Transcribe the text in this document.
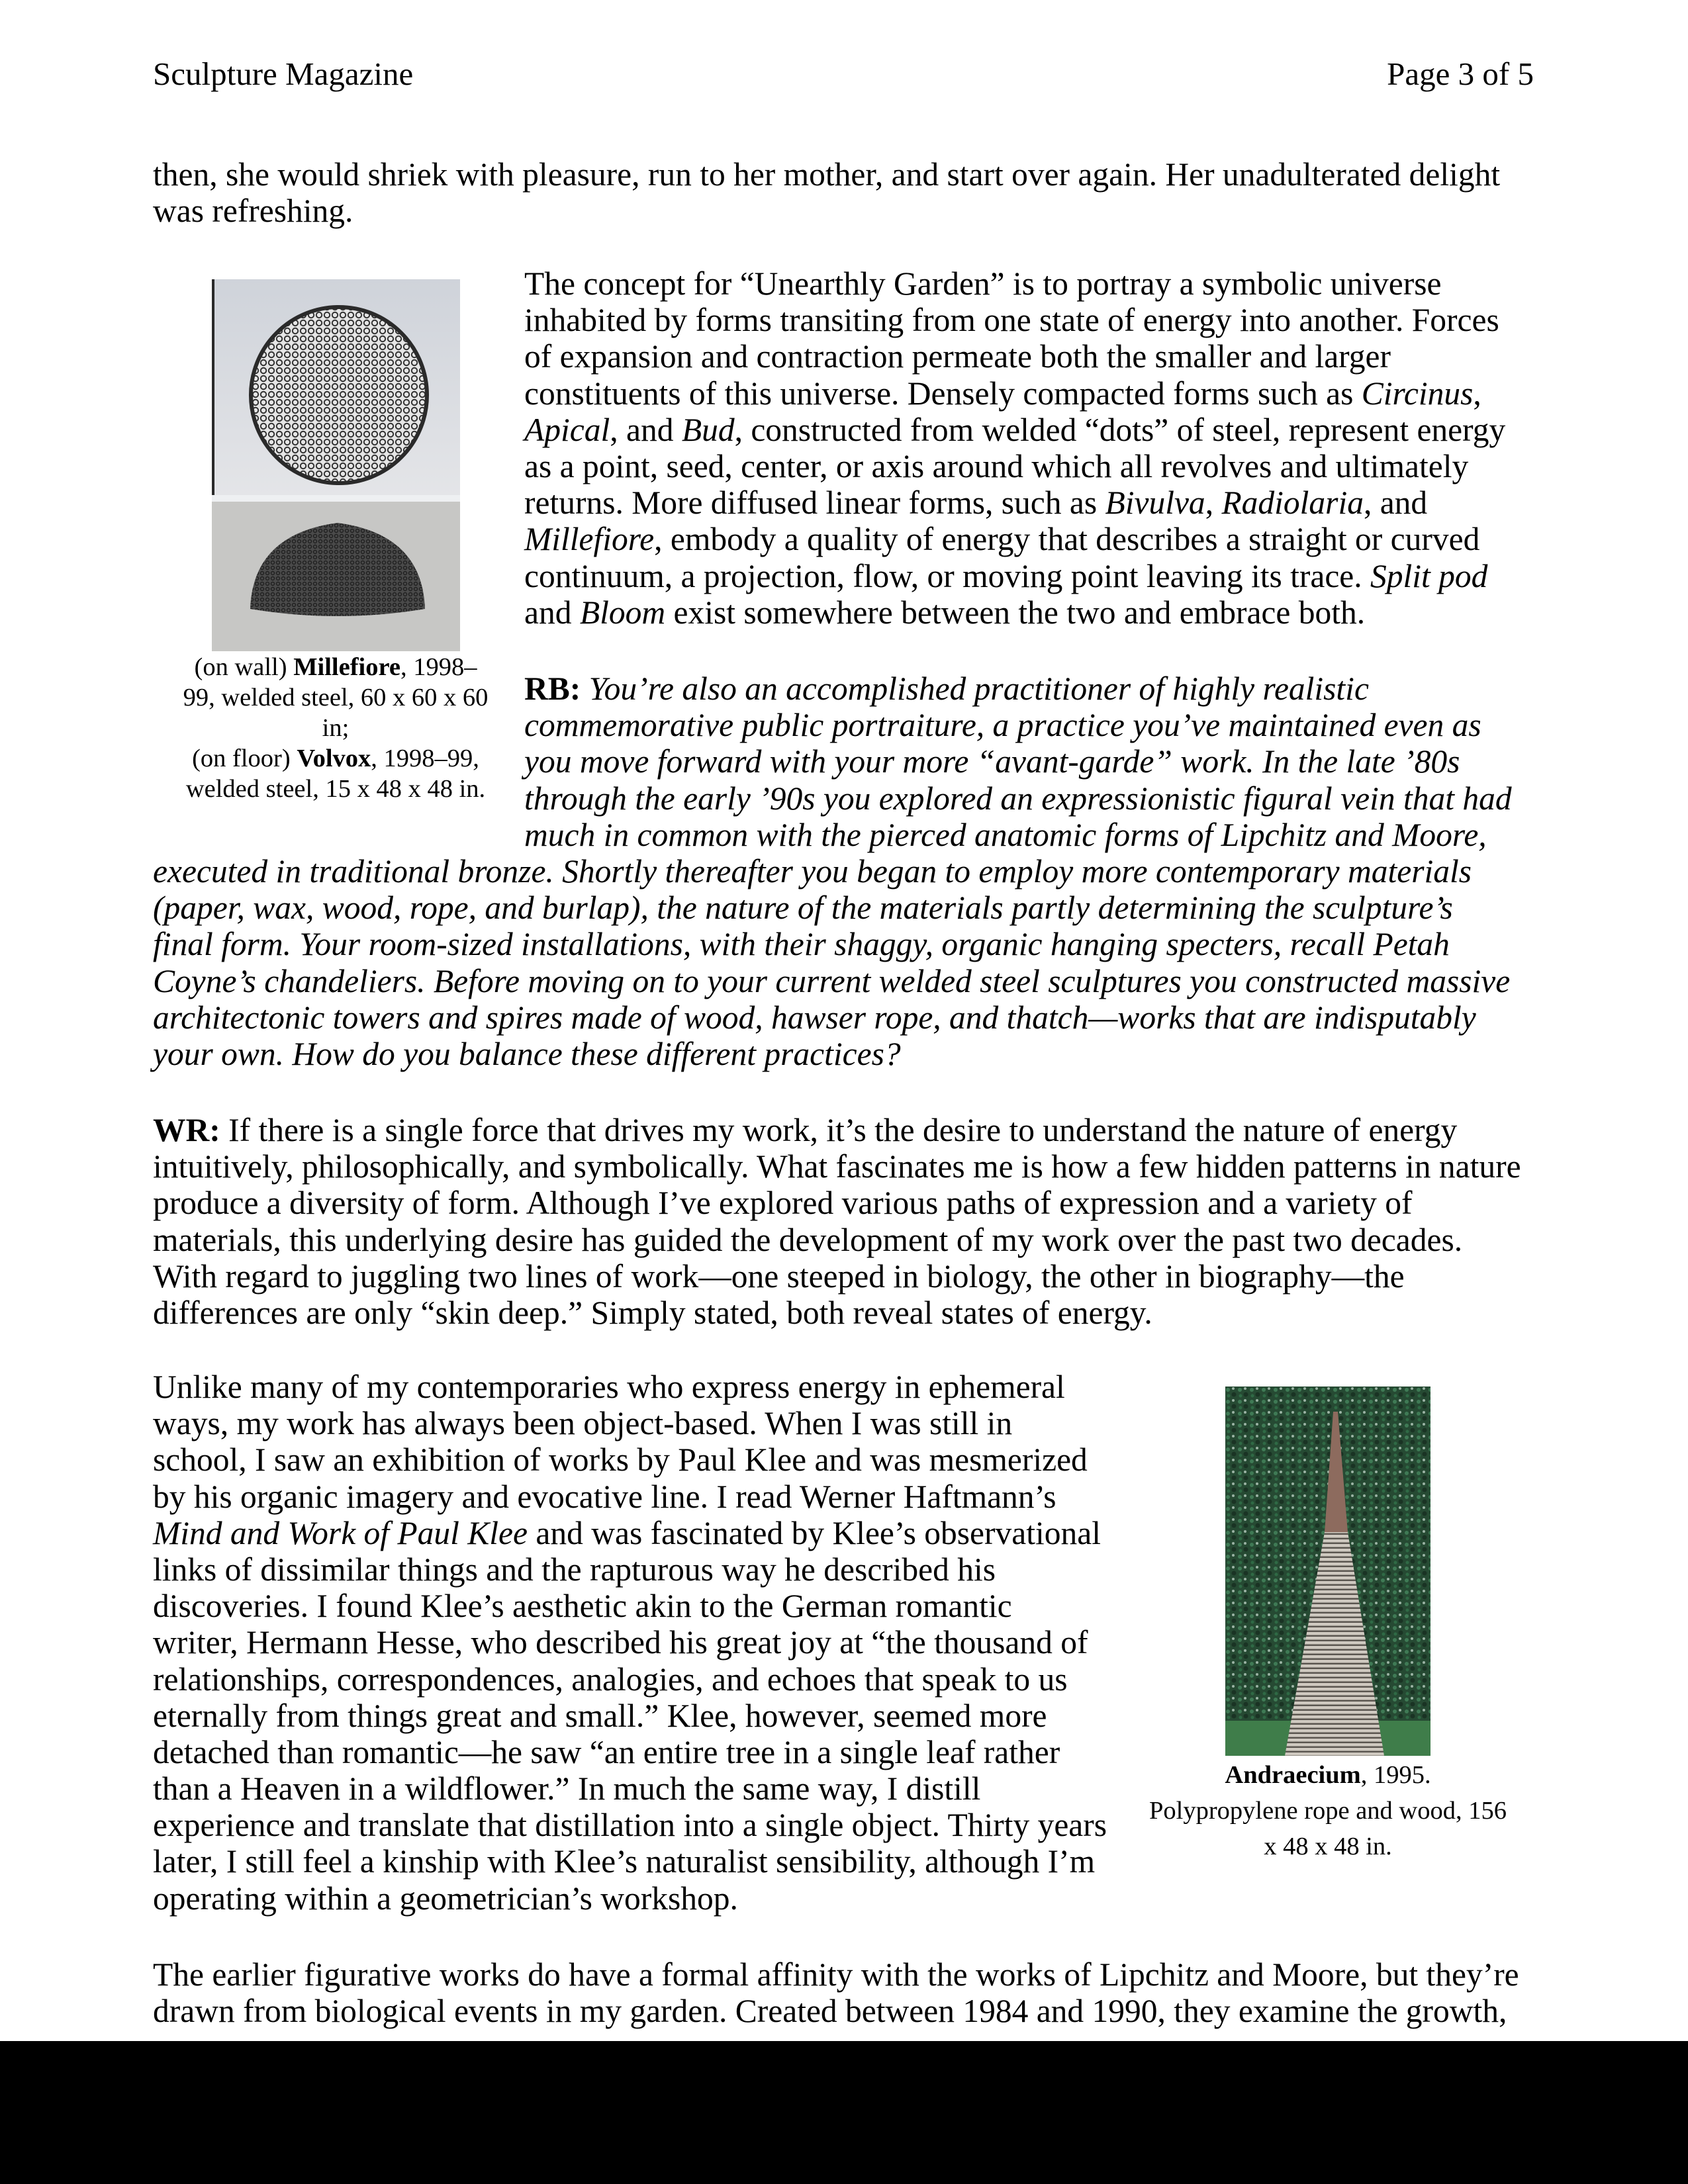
Sculpture Magazine	Page 3 of 5
then, she would shriek with pleasure, run to her mother, and start over again. Her unadulterated delight
was refreshing.
(on wall) Millefiore, 1998–
99, welded steel, 60 x 60 x 60
in;
(on floor) Volvox, 1998–99,
welded steel, 15 x 48 x 48 in.
The concept for “Unearthly Garden” is to portray a symbolic universe
inhabited by forms transiting from one state of energy into another. Forces
of expansion and contraction permeate both the smaller and larger
constituents of this universe. Densely compacted forms such as Circinus,
Apical, and Bud, constructed from welded “dots” of steel, represent energy
as a point, seed, center, or axis around which all revolves and ultimately
returns. More diffused linear forms, such as Bivulva, Radiolaria, and
Millefiore, embody a quality of energy that describes a straight or curved
continuum, a projection, flow, or moving point leaving its trace. Split pod
and Bloom exist somewhere between the two and embrace both.
RB: You’re also an accomplished practitioner of highly realistic
commemorative public portraiture, a practice you’ve maintained even as
you move forward with your more “avant-garde” work. In the late ’80s
through the early ’90s you explored an expressionistic figural vein that had
much in common with the pierced anatomic forms of Lipchitz and Moore,
executed in traditional bronze. Shortly thereafter you began to employ more contemporary materials
(paper, wax, wood, rope, and burlap), the nature of the materials partly determining the sculpture’s
final form. Your room-sized installations, with their shaggy, organic hanging specters, recall Petah
Coyne’s chandeliers. Before moving on to your current welded steel sculptures you constructed massive
architectonic towers and spires made of wood, hawser rope, and thatch—works that are indisputably
your own. How do you balance these different practices?
WR: If there is a single force that drives my work, it’s the desire to understand the nature of energy
intuitively, philosophically, and symbolically. What fascinates me is how a few hidden patterns in nature
produce a diversity of form. Although I’ve explored various paths of expression and a variety of
materials, this underlying desire has guided the development of my work over the past two decades.
With regard to juggling two lines of work—one steeped in biology, the other in biography—the
differences are only “skin deep.” Simply stated, both reveal states of energy.
Unlike many of my contemporaries who express energy in ephemeral
ways, my work has always been object-based. When I was still in
school, I saw an exhibition of works by Paul Klee and was mesmerized
by his organic imagery and evocative line. I read Werner Haftmann’s
Mind and Work of Paul Klee and was fascinated by Klee’s observational
links of dissimilar things and the rapturous way he described his
discoveries. I found Klee’s aesthetic akin to the German romantic
writer, Hermann Hesse, who described his great joy at “the thousand of
relationships, correspondences, analogies, and echoes that speak to us
eternally from things great and small.” Klee, however, seemed more
detached than romantic—he saw “an entire tree in a single leaf rather
than a Heaven in a wildflower.” In much the same way, I distill
experience and translate that distillation into a single object. Thirty years
later, I still feel a kinship with Klee’s naturalist sensibility, although I’m
operating within a geometrician’s workshop.
Andraecium, 1995.
Polypropylene rope and wood, 156
x 48 x 48 in.
The earlier figurative works do have a formal affinity with the works of Lipchitz and Moore, but they’re
drawn from biological events in my garden. Created between 1984 and 1990, they examine the growth,
